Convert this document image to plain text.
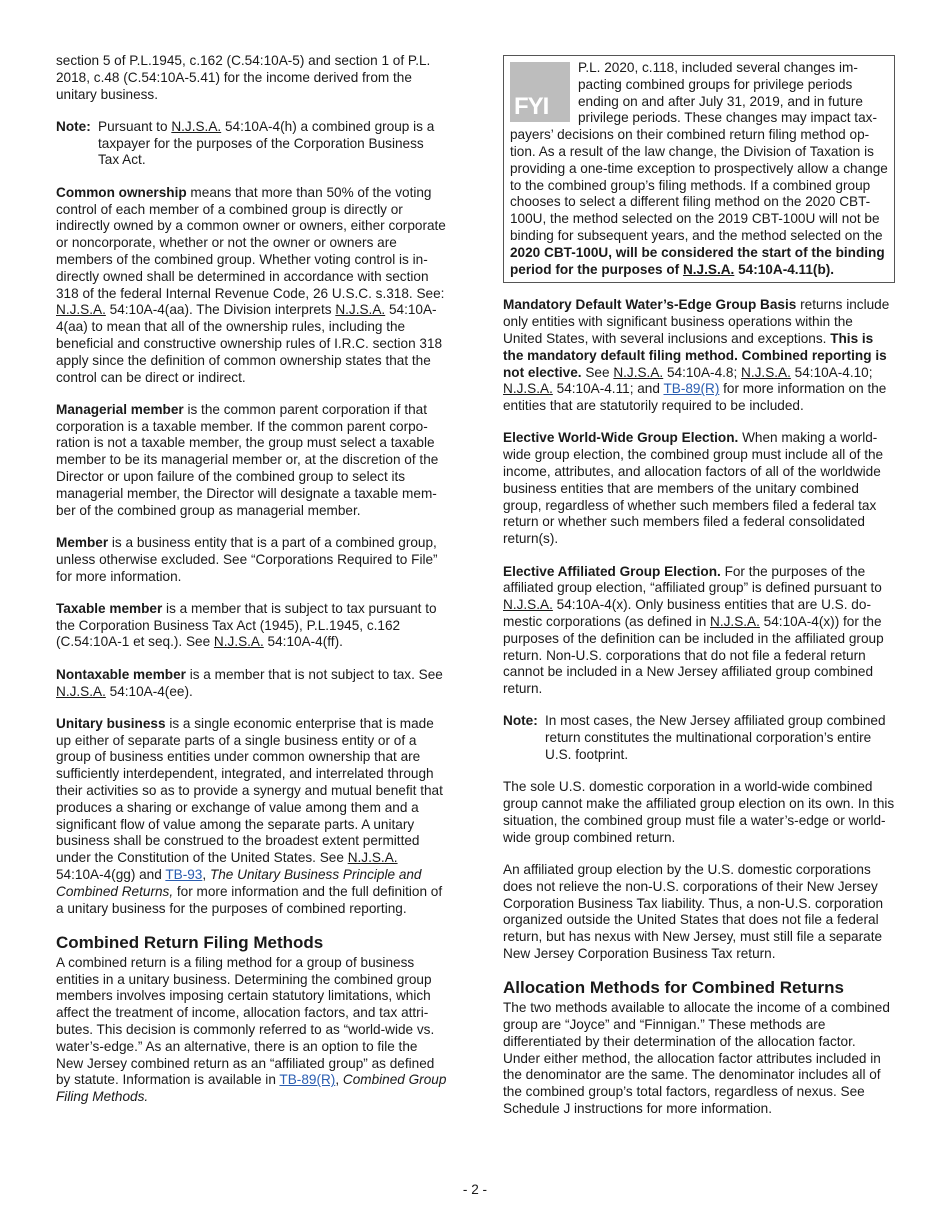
section 5 of P.L.1945, c.162 (C.54:10A-5) and section 1 of P.L. 2018, c.48 (C.54:10A-5.41) for the income derived from the unitary business.

Note: Pursuant to N.J.S.A. 54:10A-4(h) a combined group is a taxpayer for the purposes of the Corporation Business Tax Act.

Common ownership means that more than 50% of the voting control of each member of a combined group is directly or indirectly owned by a common owner or owners, either corporate or noncorporate, whether or not the owner or owners are members of the combined group. Whether voting control is indirectly owned shall be determined in accordance with section 318 of the federal Internal Revenue Code, 26 U.S.C. s.318. See: N.J.S.A. 54:10A-4(aa). The Division interprets N.J.S.A. 54:10A-4(aa) to mean that all of the ownership rules, including the beneficial and constructive ownership rules of I.R.C. section 318 apply since the definition of common ownership states that the control can be direct or indirect.

Managerial member is the common parent corporation if that corporation is a taxable member. If the common parent corporation is not a taxable member, the group must select a taxable member to be its managerial member or, at the discretion of the Director or upon failure of the combined group to select its managerial member, the Director will designate a taxable member of the combined group as managerial member.

Member is a business entity that is a part of a combined group, unless otherwise excluded. See “Corporations Required to File” for more information.

Taxable member is a member that is subject to tax pursuant to the Corporation Business Tax Act (1945), P.L.1945, c.162 (C.54:10A-1 et seq.). See N.J.S.A. 54:10A-4(ff).

Nontaxable member is a member that is not subject to tax. See N.J.S.A. 54:10A-4(ee).

Unitary business is a single economic enterprise that is made up either of separate parts of a single business entity or of a group of business entities under common ownership that are sufficiently interdependent, integrated, and interrelated through their activities so as to provide a synergy and mutual benefit that produces a sharing or exchange of value among them and a significant flow of value among the separate parts. A unitary business shall be construed to the broadest extent permitted under the Constitution of the United States. See N.J.S.A. 54:10A-4(gg) and TB-93, The Unitary Business Principle and Combined Returns, for more information and the full definition of a unitary business for the purposes of combined reporting.

Combined Return Filing Methods

A combined return is a filing method for a group of business entities in a unitary business. Determining the combined group members involves imposing certain statutory limitations, which affect the treatment of income, allocation factors, and tax attributes. This decision is commonly referred to as “world-wide vs. water’s-edge.” As an alternative, there is an option to file the New Jersey combined return as an “affiliated group” as defined by statute. Information is available in TB-89(R), Combined Group Filing Methods.

FYI

P.L. 2020, c.118, included several changes impacting combined groups for privilege periods ending on and after July 31, 2019, and in future privilege periods. These changes may impact taxpayers’ decisions on their combined return filing method option. As a result of the law change, the Division of Taxation is providing a one-time exception to prospectively allow a change to the combined group’s filing methods. If a combined group chooses to select a different filing method on the 2020 CBT-100U, the method selected on the 2019 CBT-100U will not be binding for subsequent years, and the method selected on the 2020 CBT-100U, will be considered the start of the binding period for the purposes of N.J.S.A. 54:10A-4.11(b).

Mandatory Default Water’s-Edge Group Basis returns include only entities with significant business operations within the United States, with several inclusions and exceptions. This is the mandatory default filing method. Combined reporting is not elective. See N.J.S.A. 54:10A-4.8; N.J.S.A. 54:10A-4.10; N.J.S.A. 54:10A-4.11; and TB-89(R) for more information on the entities that are statutorily required to be included.

Elective World-Wide Group Election. When making a worldwide group election, the combined group must include all of the income, attributes, and allocation factors of all of the worldwide business entities that are members of the unitary combined group, regardless of whether such members filed a federal tax return or whether such members filed a federal consolidated return(s).

Elective Affiliated Group Election. For the purposes of the affiliated group election, “affiliated group” is defined pursuant to N.J.S.A. 54:10A-4(x). Only business entities that are U.S. domestic corporations (as defined in N.J.S.A. 54:10A-4(x)) for the purposes of the definition can be included in the affiliated group return. Non-U.S. corporations that do not file a federal return cannot be included in a New Jersey affiliated group combined return.

Note: In most cases, the New Jersey affiliated group combined return constitutes the multinational corporation’s entire U.S. footprint.

The sole U.S. domestic corporation in a world-wide combined group cannot make the affiliated group election on its own. In this situation, the combined group must file a water’s-edge or world-wide group combined return.

An affiliated group election by the U.S. domestic corporations does not relieve the non-U.S. corporations of their New Jersey Corporation Business Tax liability. Thus, a non-U.S. corporation organized outside the United States that does not file a federal return, but has nexus with New Jersey, must still file a separate New Jersey Corporation Business Tax return.

Allocation Methods for Combined Returns

The two methods available to allocate the income of a combined group are “Joyce” and “Finnigan.” These methods are differentiated by their determination of the allocation factor. Under either method, the allocation factor attributes included in the denominator are the same. The denominator includes all of the combined group’s total factors, regardless of nexus. See Schedule J instructions for more information.

- 2 -
